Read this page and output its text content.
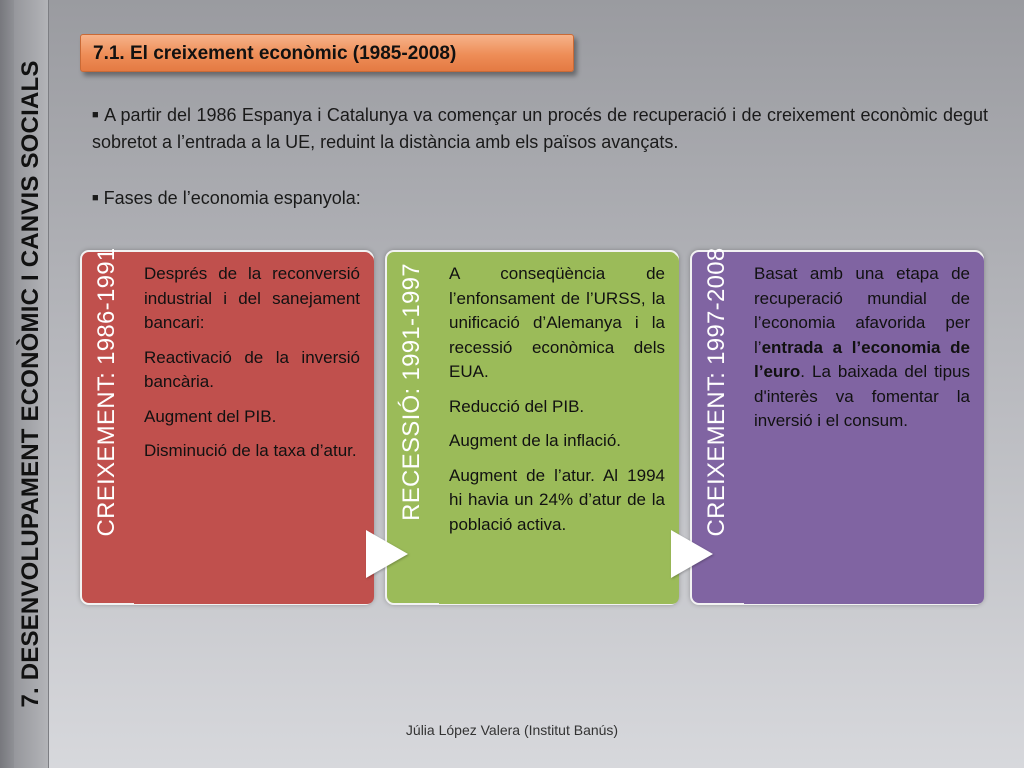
7. DESENVOLUPAMENT ECONÒMIC I CANVIS SOCIALS
7.1. El creixement econòmic (1985-2008)
■ A partir del 1986 Espanya i Catalunya va començar un procés de recuperació i de creixement econòmic degut sobretot a l’entrada a la UE, reduint la distància amb els països avançats.
■ Fases de l’economia espanyola:
CREIXEMENT: 1986-1991 Després de la reconversió industrial i del sanejament bancari:

Reactivació de la inversió bancària.

Augment del PIB.

Disminució de la taxa d’atur. RECESSIÓ: 1991-1997 A conseqüència de l’enfonsament de l’URSS, la unificació d’Alemanya i la recessió econòmica dels EUA.

Reducció del PIB.

Augment de la inflació.

Augment de l’atur. Al 1994 hi havia un 24% d’atur de la població activa.	CREIXEMENT: 1997-2008 Basat amb una etapa de recuperació mundial de l’economia afavorida per l’entrada a l’economia de l’euro. La baixada del tipus d'interès va fomentar la inversió i el consum.

Júlia López Valera (Institut Banús)
